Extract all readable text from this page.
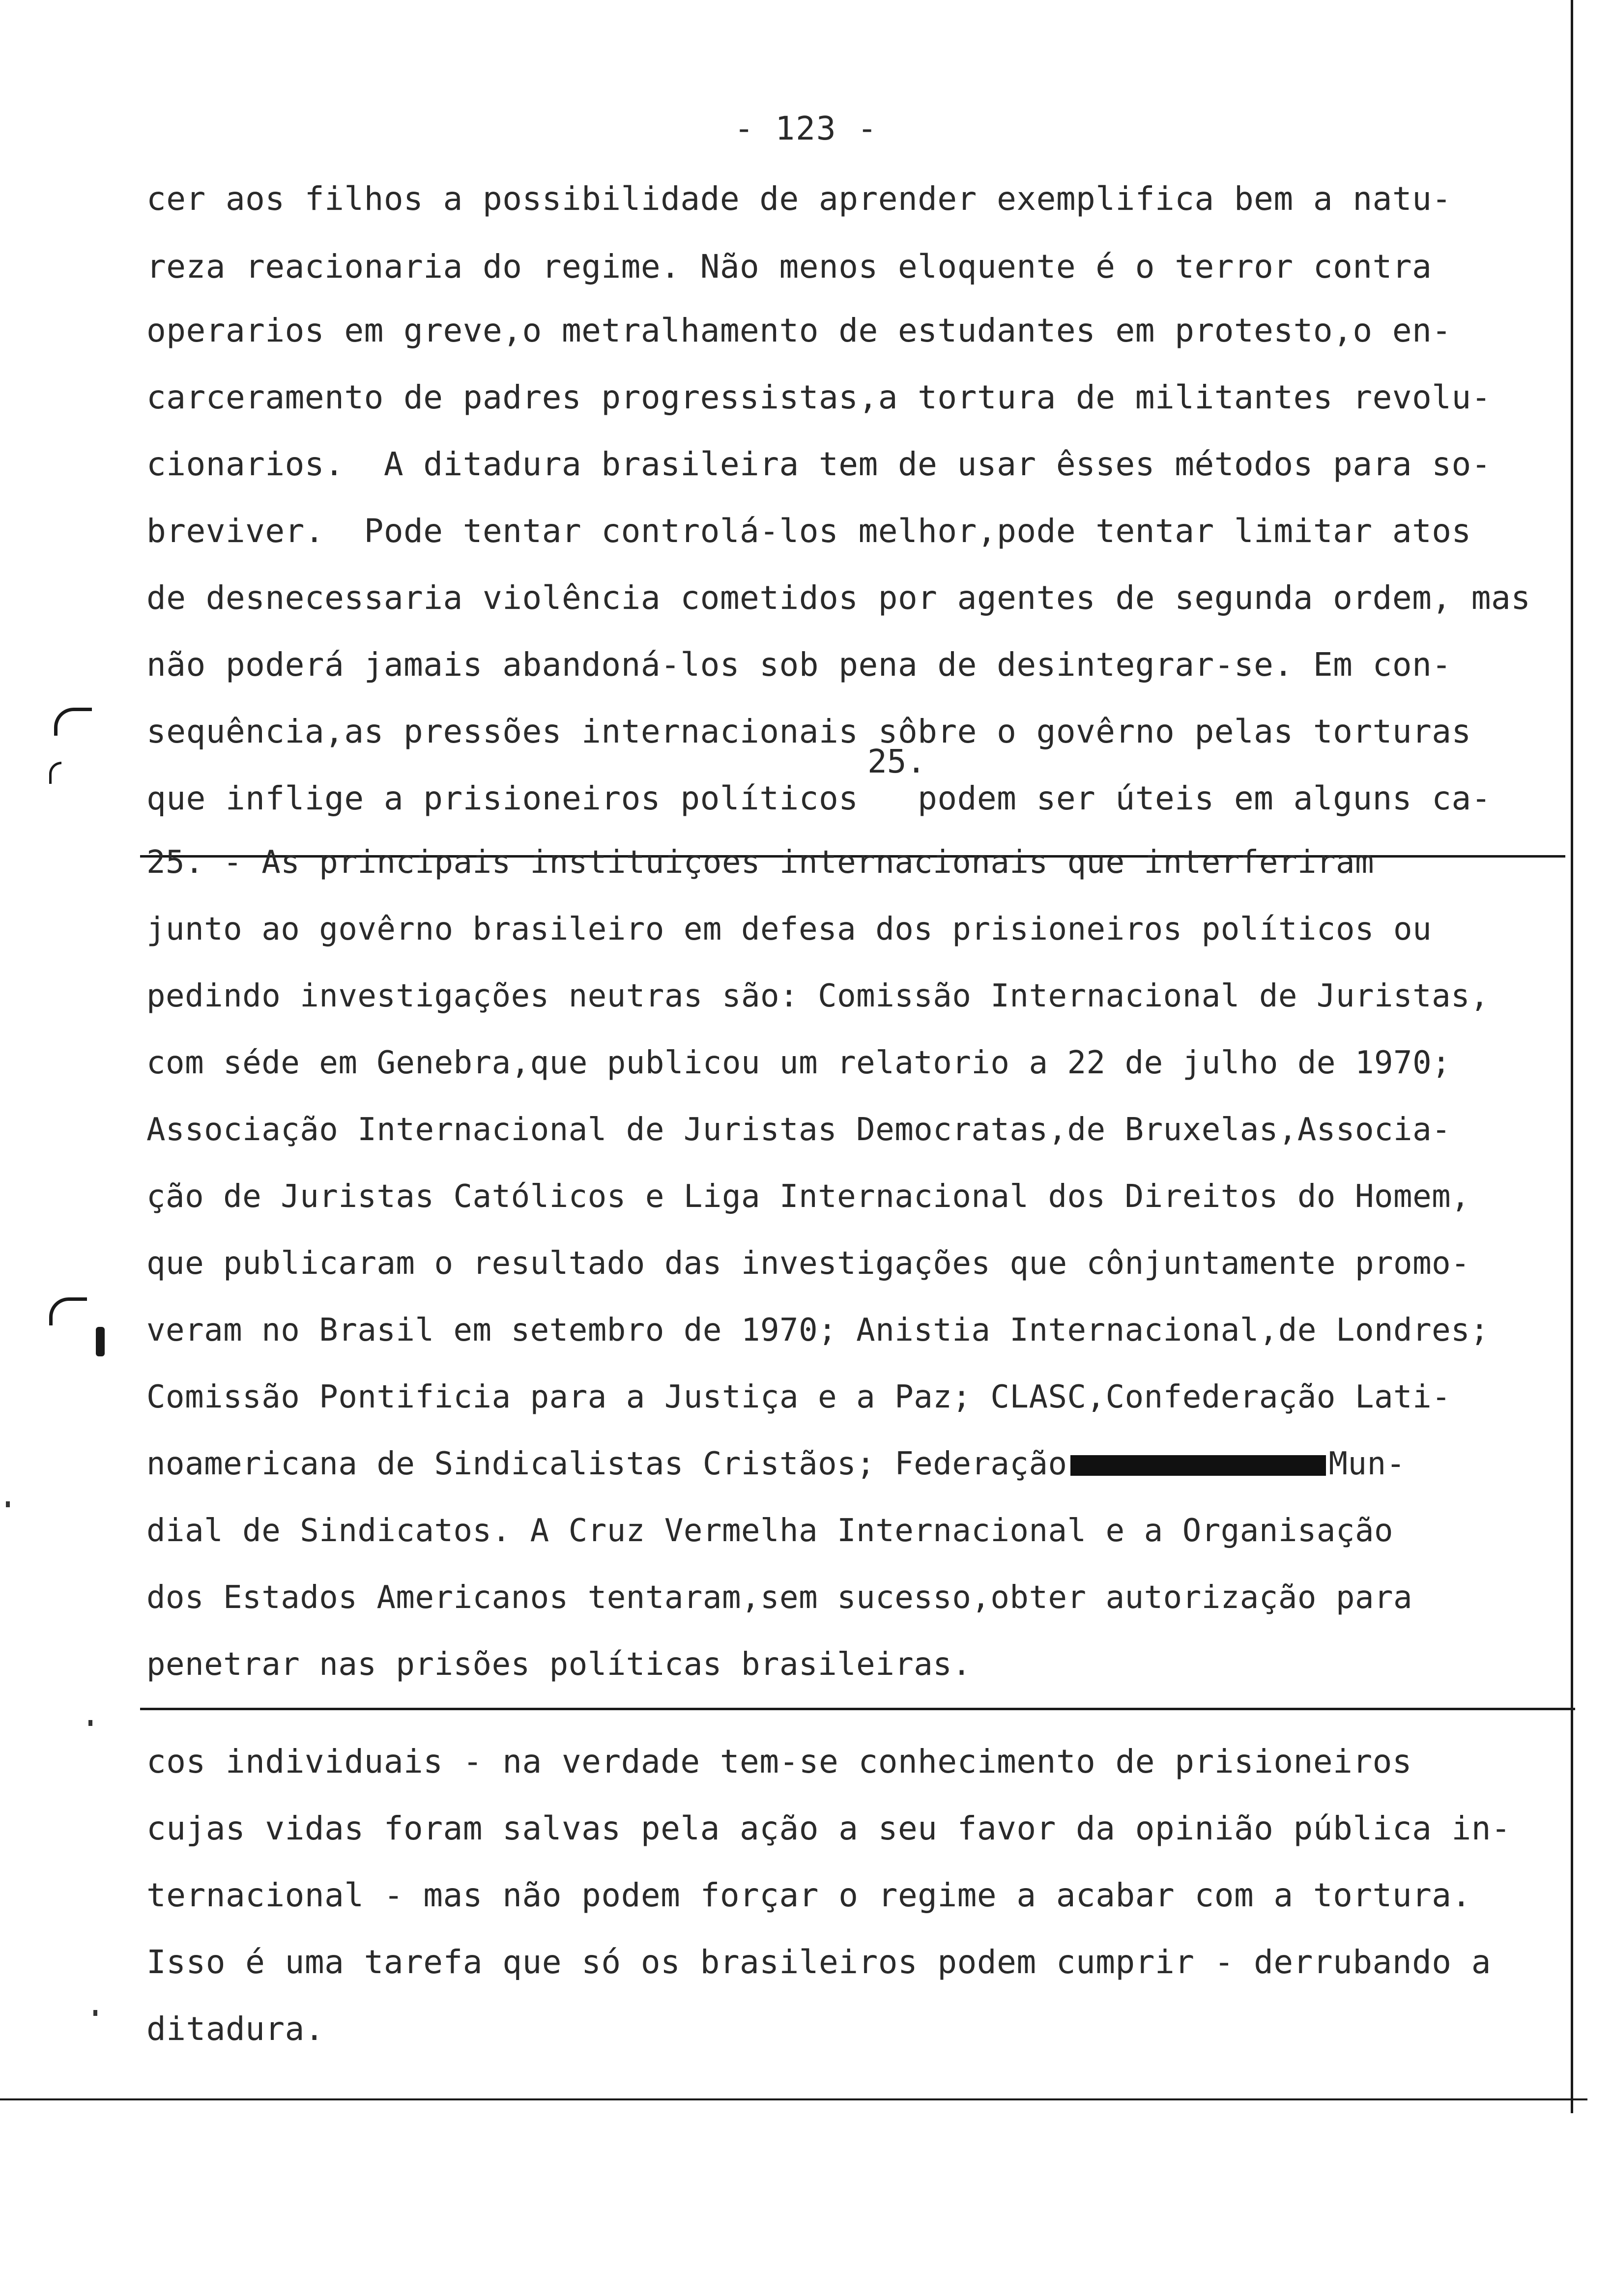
- 123 -
cer aos filhos a possibilidade de aprender exemplifica bem a natu-
reza reacionaria do regime. Não menos eloquente é o terror contra
operarios em greve,o metralhamento de estudantes em protesto,o en-
carceramento de padres progressistas,a tortura de militantes revolu-
cionarios.  A ditadura brasileira tem de usar êsses métodos para so-
breviver.  Pode tentar controlá-los melhor,pode tentar limitar atos
de desnecessaria violência cometidos por agentes de segunda ordem, mas
não poderá jamais abandoná-los sob pena de desintegrar-se. Em con-
sequência,as pressões internacionais sôbre o govêrno pelas torturas
que inflige a prisioneiros políticos   podem ser úteis em alguns ca-
25.
25. - As principais instituiçoes internacionais que interferiram
junto ao govêrno brasileiro em defesa dos prisioneiros políticos ou
pedindo investigações neutras são: Comissão Internacional de Juristas,
com séde em Genebra,que publicou um relatorio a 22 de julho de 1970;
Associação Internacional de Juristas Democratas,de Bruxelas,Associa-
ção de Juristas Católicos e Liga Internacional dos Direitos do Homem,
que publicaram o resultado das investigações que cônjuntamente promo-
veram no Brasil em setembro de 1970; Anistia Internacional,de Londres;
Comissão Pontificia para a Justiça e a Paz; CLASC,Confederação Lati-
noamericana de Sindicalistas Cristãos; Federação	Mun-
dial de Sindicatos. A Cruz Vermelha Internacional e a Organisação
dos Estados Americanos tentaram,sem sucesso,obter autorização para
penetrar nas prisões políticas brasileiras.
cos individuais - na verdade tem-se conhecimento de prisioneiros
cujas vidas foram salvas pela ação a seu favor da opinião pública in-
ternacional - mas não podem forçar o regime a acabar com a tortura.
Isso é uma tarefa que só os brasileiros podem cumprir - derrubando a
ditadura.
